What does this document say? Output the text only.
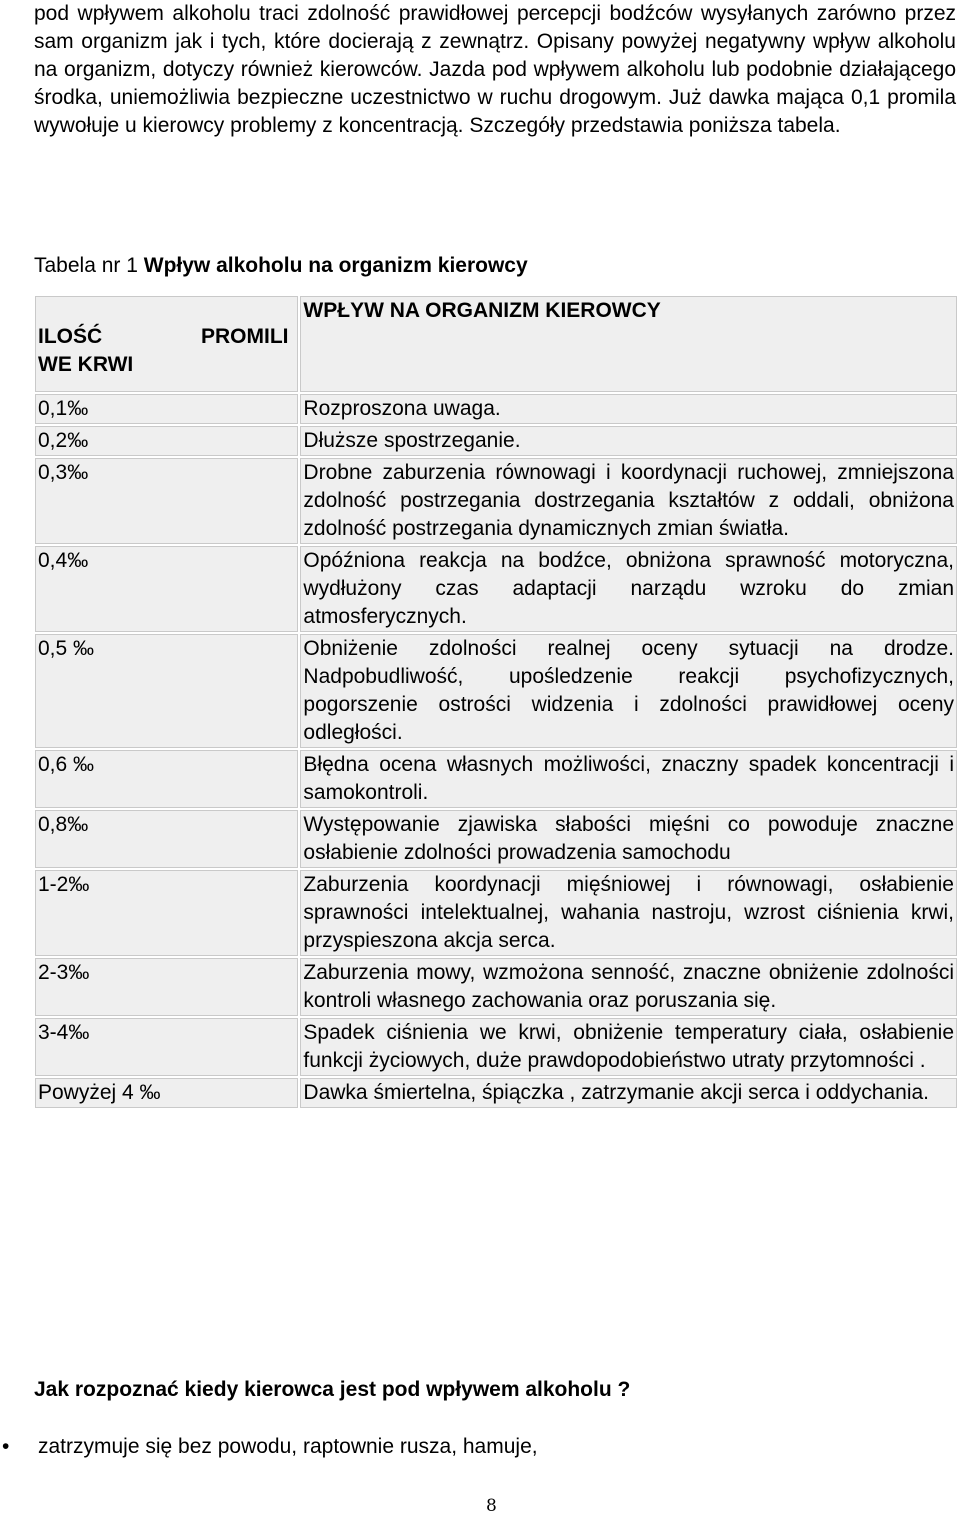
pod wpływem alkoholu traci zdolność prawidłowej percepcji bodźców wysyłanych zarówno przez sam organizm jak i tych, które docierają z zewnątrz. Opisany powyżej negatywny wpływ alkoholu na organizm, dotyczy również kierowców. Jazda pod wpływem alkoholu lub podobnie działającego środka, uniemożliwia bezpieczne uczestnictwo w ruchu drogowym. Już dawka mająca 0,1 promila wywołuje u kierowcy problemy z koncentracją. Szczegóły przedstawia poniższa tabela.

Tabela nr 1 Wpływ alkoholu na organizm kierowcy

ILOŚĆ PROMILI
WE KRWI	WPŁYW NA ORGANIZM KIEROWCY
0,1‰	Rozproszona uwaga.
0,2‰	Dłuższe spostrzeganie.
0,3‰	Drobne zaburzenia równowagi i koordynacji ruchowej, zmniejszona zdolność postrzegania dostrzegania kształtów z oddali, obniżona zdolność postrzegania dynamicznych zmian światła.
0,4‰	Opóźniona reakcja na bodźce, obniżona sprawność motoryczna, wydłużony czas adaptacji narządu wzroku do zmian atmosferycznych.
0,5 ‰	Obniżenie zdolności realnej oceny sytuacji na drodze. Nadpobudliwość, upośledzenie reakcji psychofizycznych, pogorszenie ostrości widzenia i zdolności prawidłowej oceny odległości.
0,6 ‰	Błędna ocena własnych możliwości, znaczny spadek koncentracji i samokontroli.
0,8‰	Występowanie zjawiska słabości mięśni co powoduje znaczne osłabienie zdolności prowadzenia samochodu
1-2‰	Zaburzenia koordynacji mięśniowej i równowagi, osłabienie sprawności intelektualnej, wahania nastroju, wzrost ciśnienia krwi, przyspieszona akcja serca.
2-3‰	Zaburzenia mowy, wzmożona senność, znaczne obniżenie zdolności kontroli własnego zachowania oraz poruszania się.
3-4‰	Spadek ciśnienia we krwi, obniżenie temperatury ciała, osłabienie funkcji życiowych, duże prawdopodobieństwo utraty przytomności .
Powyżej 4 ‰	Dawka śmiertelna, śpiączka , zatrzymanie akcji serca i oddychania.

Jak rozpoznać kiedy kierowca jest pod wpływem alkoholu ?

• zatrzymuje się bez powodu, raptownie rusza, hamuje,
8
